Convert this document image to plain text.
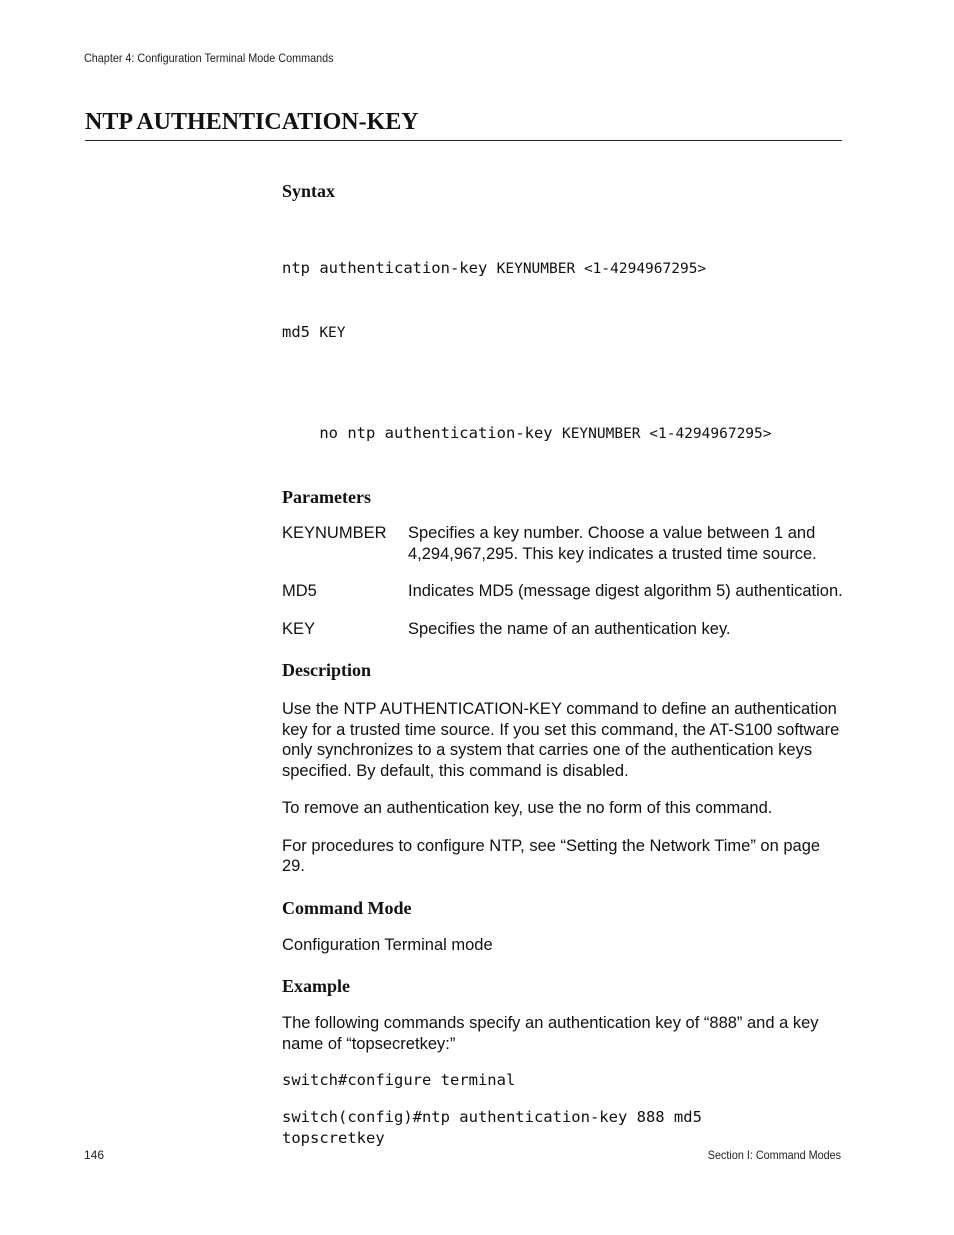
Chapter 4: Configuration Terminal Mode Commands
NTP AUTHENTICATION-KEY
Syntax

ntp authentication-key KEYNUMBER <1-4294967295>

md5 KEY

no ntp authentication-key KEYNUMBER <1-4294967295>

Parameters
KEYNUMBER	Specifies a key number. Choose a value between 1 and 4,294,967,295. This key indicates a trusted time source.
MD5	Indicates MD5 (message digest algorithm 5) authentication.
KEY	Specifies the name of an authentication key.
Description

Use the NTP AUTHENTICATION-KEY command to define an authentication key for a trusted time source. If you set this command, the AT-S100 software only synchronizes to a system that carries one of the authentication keys specified. By default, this command is disabled.

To remove an authentication key, use the no form of this command.

For procedures to configure NTP, see “Setting the Network Time” on page 29.

Command Mode

Configuration Terminal mode

Example

The following commands specify an authentication key of “888” and a key name of “topsecretkey:”

switch#configure terminal
switch(config)#ntp authentication-key 888 md5 topscretkey
146	Section I: Command Modes
